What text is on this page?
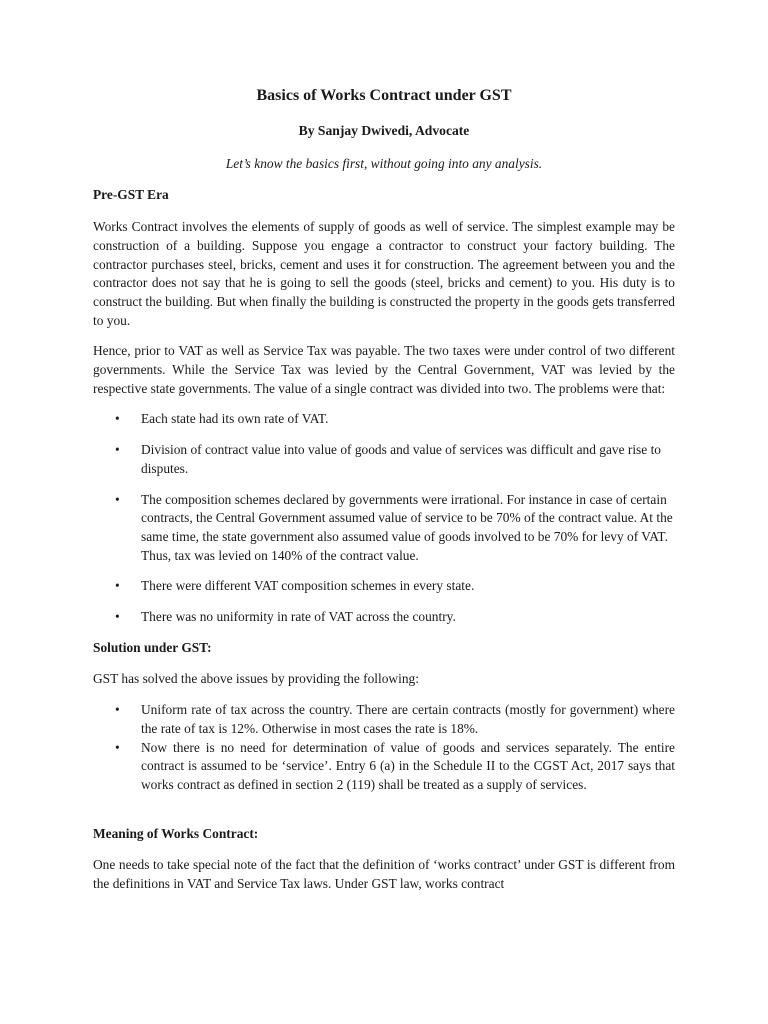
Basics of Works Contract under GST
By Sanjay Dwivedi, Advocate
Let’s know the basics first, without going into any analysis.
Pre-GST Era

Works Contract involves the elements of supply of goods as well of service. The simplest example may be construction of a building. Suppose you engage a contractor to construct your factory building. The contractor purchases steel, bricks, cement and uses it for construction. The agreement between you and the contractor does not say that he is going to sell the goods (steel, bricks and cement) to you. His duty is to construct the building. But when finally the building is constructed the property in the goods gets transferred to you.

Hence, prior to VAT as well as Service Tax was payable. The two taxes were under control of two different governments. While the Service Tax was levied by the Central Government, VAT was levied by the respective state governments. The value of a single contract was divided into two. The problems were that:

• Each state had its own rate of VAT.
• Division of contract value into value of goods and value of services was difficult and gave rise to disputes.
• The composition schemes declared by governments were irrational. For instance in case of certain contracts, the Central Government assumed value of service to be 70% of the contract value. At the same time, the state government also assumed value of goods involved to be 70% for levy of VAT. Thus, tax was levied on 140% of the contract value.
• There were different VAT composition schemes in every state.
• There was no uniformity in rate of VAT across the country.
Solution under GST:

GST has solved the above issues by providing the following:

• Uniform rate of tax across the country. There are certain contracts (mostly for government) where the rate of tax is 12%. Otherwise in most cases the rate is 18%.
• Now there is no need for determination of value of goods and services separately. The entire contract is assumed to be ‘service’. Entry 6 (a) in the Schedule II to the CGST Act, 2017 says that works contract as defined in section 2 (119) shall be treated as a supply of services.
Meaning of Works Contract:

One needs to take special note of the fact that the definition of ‘works contract’ under GST is different from the definitions in VAT and Service Tax laws. Under GST law, works contract
